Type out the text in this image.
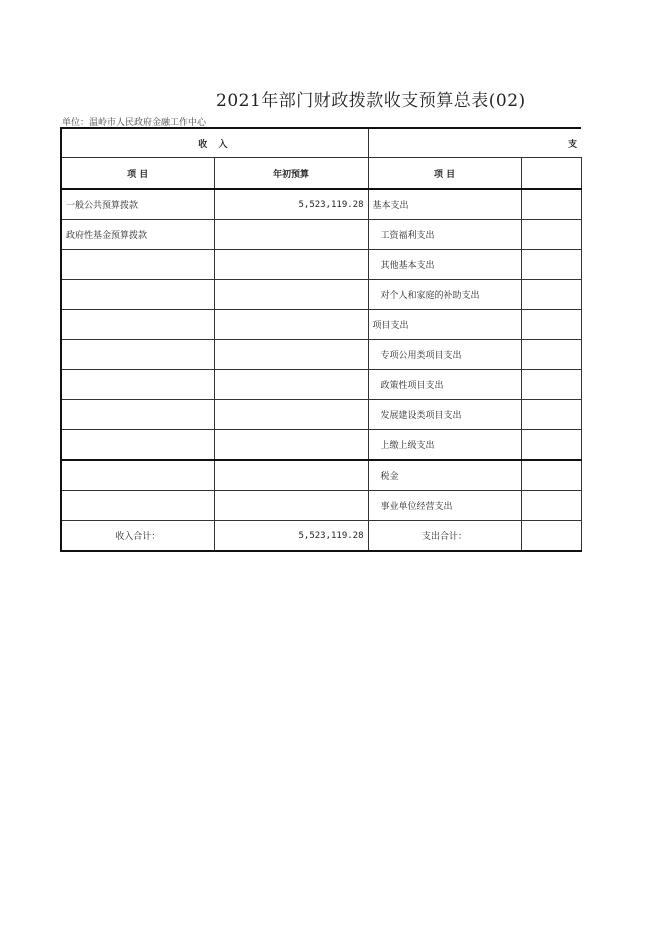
2021年部门财政拨款收支预算总表(02)
单位：温岭市人民政府金融工作中心
收 入		支	
项 目	年初预算	项 目	
一般公共预算拨款	5,523,119.28	基本支出	
政府性基金预算拨款		工资福利支出	
		其他基本支出	
		对个人和家庭的补助支出	
		项目支出	
		专项公用类项目支出	
		政策性项目支出	
		发展建设类项目支出	
		上缴上级支出	
		税金	
		事业单位经营支出	
收入合计：	5,523,119.28	支出合计：	
